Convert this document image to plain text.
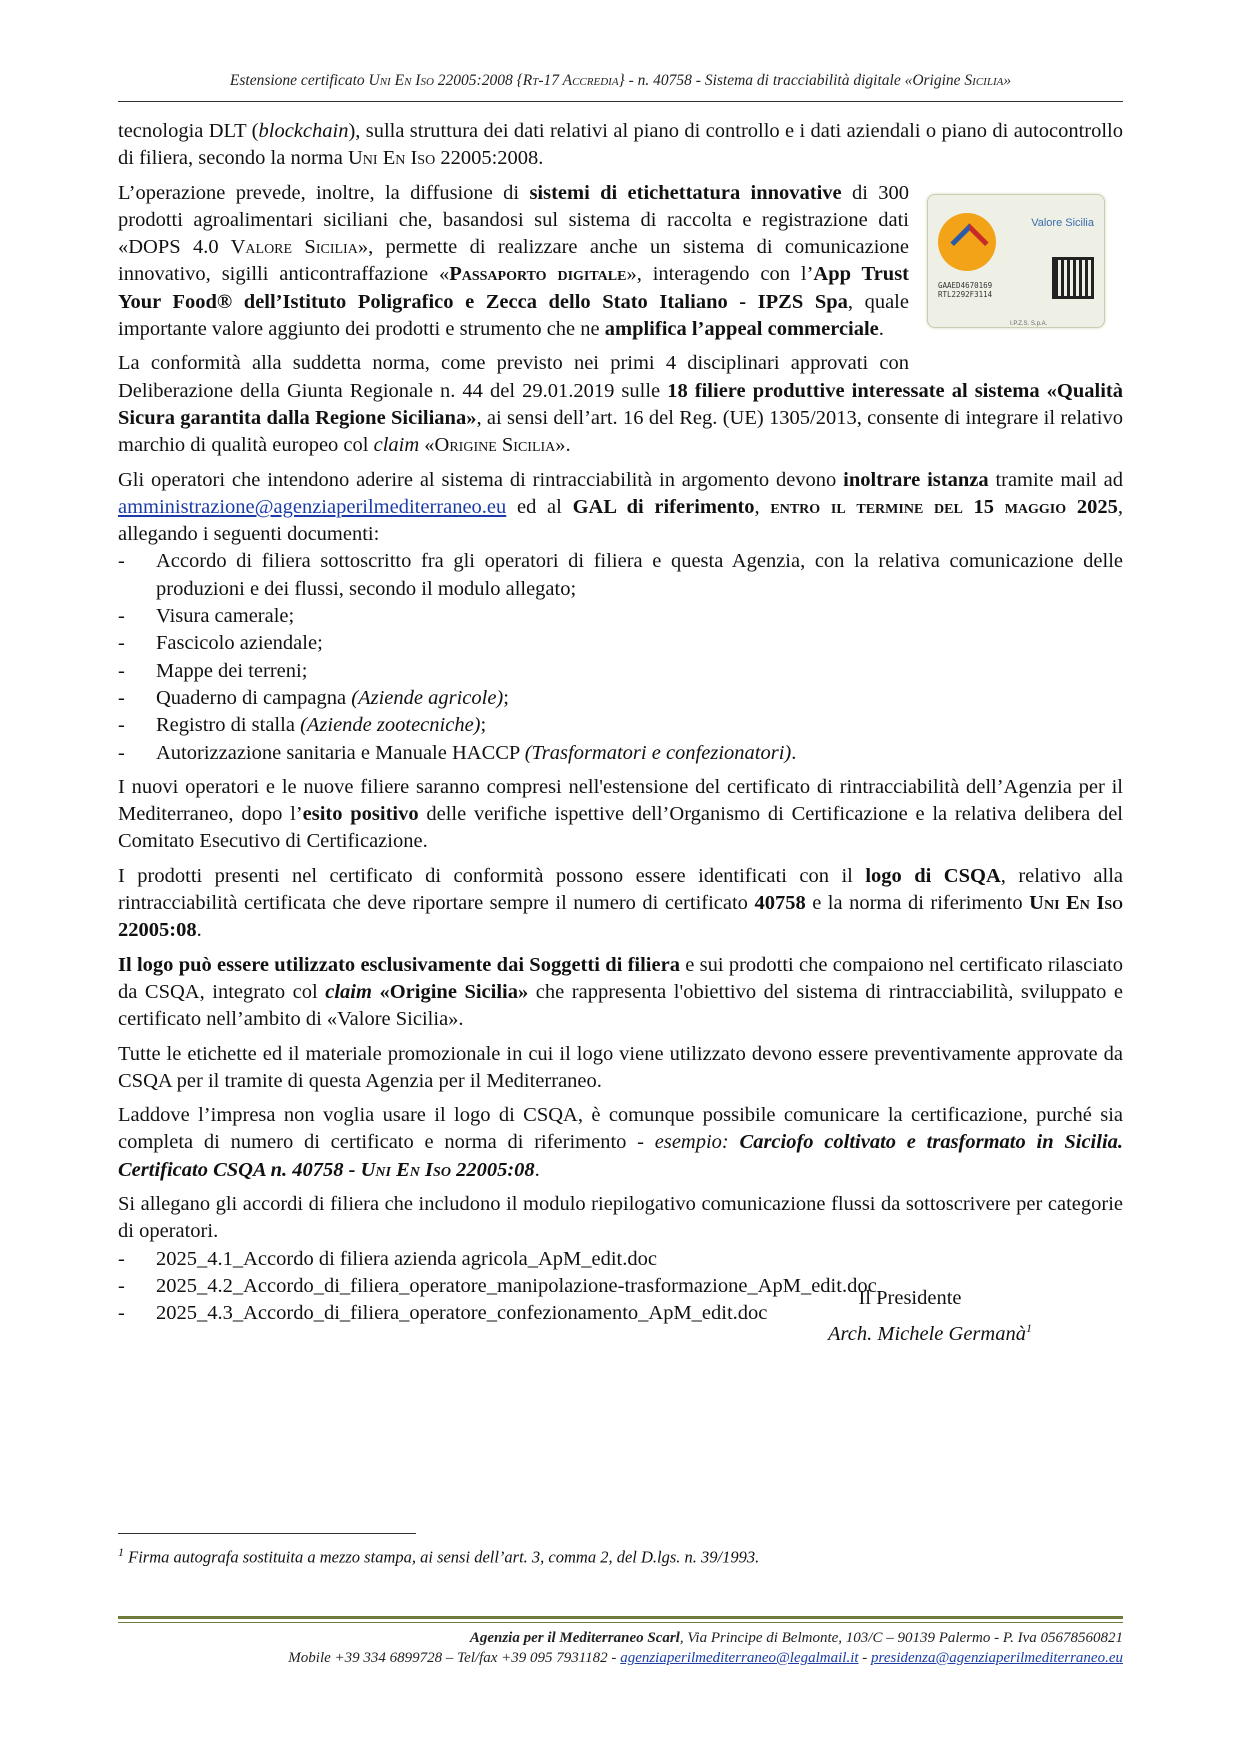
Estensione certificato Uni En Iso 22005:2008 {Rt-17 Accredia} - n. 40758 - Sistema di tracciabilità digitale «Origine Sicilia»

tecnologia DLT (blockchain), sulla struttura dei dati relativi al piano di controllo e i dati aziendali o piano di autocontrollo di filiera, secondo la norma Uni En Iso 22005:2008.

Valore Sicilia
GAAED4670169
RTL2292F3114
I.P.Z.S. S.p.A.

L’operazione prevede, inoltre, la diffusione di sistemi di etichettatura innovative di 300 prodotti agroalimentari siciliani che, basandosi sul sistema di raccolta e registrazione dati «DOPS 4.0 Valore Sicilia», permette di realizzare anche un sistema di comunicazione innovativo, sigilli anticontraffazione «Passaporto digitale», interagendo con l’App Trust Your Food® dell’Istituto Poligrafico e Zecca dello Stato Italiano - IPZS Spa, quale importante valore aggiunto dei prodotti e strumento che ne amplifica l’appeal commerciale.

La conformità alla suddetta norma, come previsto nei primi 4 disciplinari approvati con Deliberazione della Giunta Regionale n. 44 del 29.01.2019 sulle 18 filiere produttive interessate al sistema «Qualità Sicura garantita dalla Regione Siciliana», ai sensi dell’art. 16 del Reg. (UE) 1305/2013, consente di integrare il relativo marchio di qualità europeo col claim «Origine Sicilia».

Gli operatori che intendono aderire al sistema di rintracciabilità in argomento devono inoltrare istanza tramite mail ad amministrazione@agenziaperilmediterraneo.eu ed al GAL di riferimento, entro il termine del 15 maggio 2025, allegando i seguenti documenti:

- Accordo di filiera sottoscritto fra gli operatori di filiera e questa Agenzia, con la relativa comunicazione delle produzioni e dei flussi, secondo il modulo allegato;
- Visura camerale;
- Fascicolo aziendale;
- Mappe dei terreni;
- Quaderno di campagna (Aziende agricole);
- Registro di stalla (Aziende zootecniche);
- Autorizzazione sanitaria e Manuale HACCP (Trasformatori e confezionatori).

I nuovi operatori e le nuove filiere saranno compresi nell'estensione del certificato di rintracciabilità dell’Agenzia per il Mediterraneo, dopo l’esito positivo delle verifiche ispettive dell’Organismo di Certificazione e la relativa delibera del Comitato Esecutivo di Certificazione.

I prodotti presenti nel certificato di conformità possono essere identificati con il logo di CSQA, relativo alla rintracciabilità certificata che deve riportare sempre il numero di certificato 40758 e la norma di riferimento Uni En Iso 22005:08.

Il logo può essere utilizzato esclusivamente dai Soggetti di filiera e sui prodotti che compaiono nel certificato rilasciato da CSQA, integrato col claim «Origine Sicilia» che rappresenta l'obiettivo del sistema di rintracciabilità, sviluppato e certificato nell’ambito di «Valore Sicilia».

Tutte le etichette ed il materiale promozionale in cui il logo viene utilizzato devono essere preventivamente approvate da CSQA per il tramite di questa Agenzia per il Mediterraneo.

Laddove l’impresa non voglia usare il logo di CSQA, è comunque possibile comunicare la certificazione, purché sia completa di numero di certificato e norma di riferimento - esempio: Carciofo coltivato e trasformato in Sicilia. Certificato CSQA n. 40758 - Uni En Iso 22005:08.

Si allegano gli accordi di filiera che includono il modulo riepilogativo comunicazione flussi da sottoscrivere per categorie di operatori.

- 2025_4.1_Accordo di filiera azienda agricola_ApM_edit.doc
- 2025_4.2_Accordo_di_filiera_operatore_manipolazione-trasformazione_ApM_edit.doc
- 2025_4.3_Accordo_di_filiera_operatore_confezionamento_ApM_edit.doc
Il Presidente
Arch. Michele Germanà$^1$
$^1$ Firma autografa sostituita a mezzo stampa, ai sensi dell’art. 3, comma 2, del D.lgs. n. 39/1993.
Agenzia per il Mediterraneo Scarl, Via Principe di Belmonte, 103/C – 90139 Palermo - P. Iva 05678560821
Mobile +39 334 6899728 – Tel/fax +39 095 7931182 - agenziaperilmediterraneo@legalmail.it - presidenza@agenziaperilmediterraneo.eu
